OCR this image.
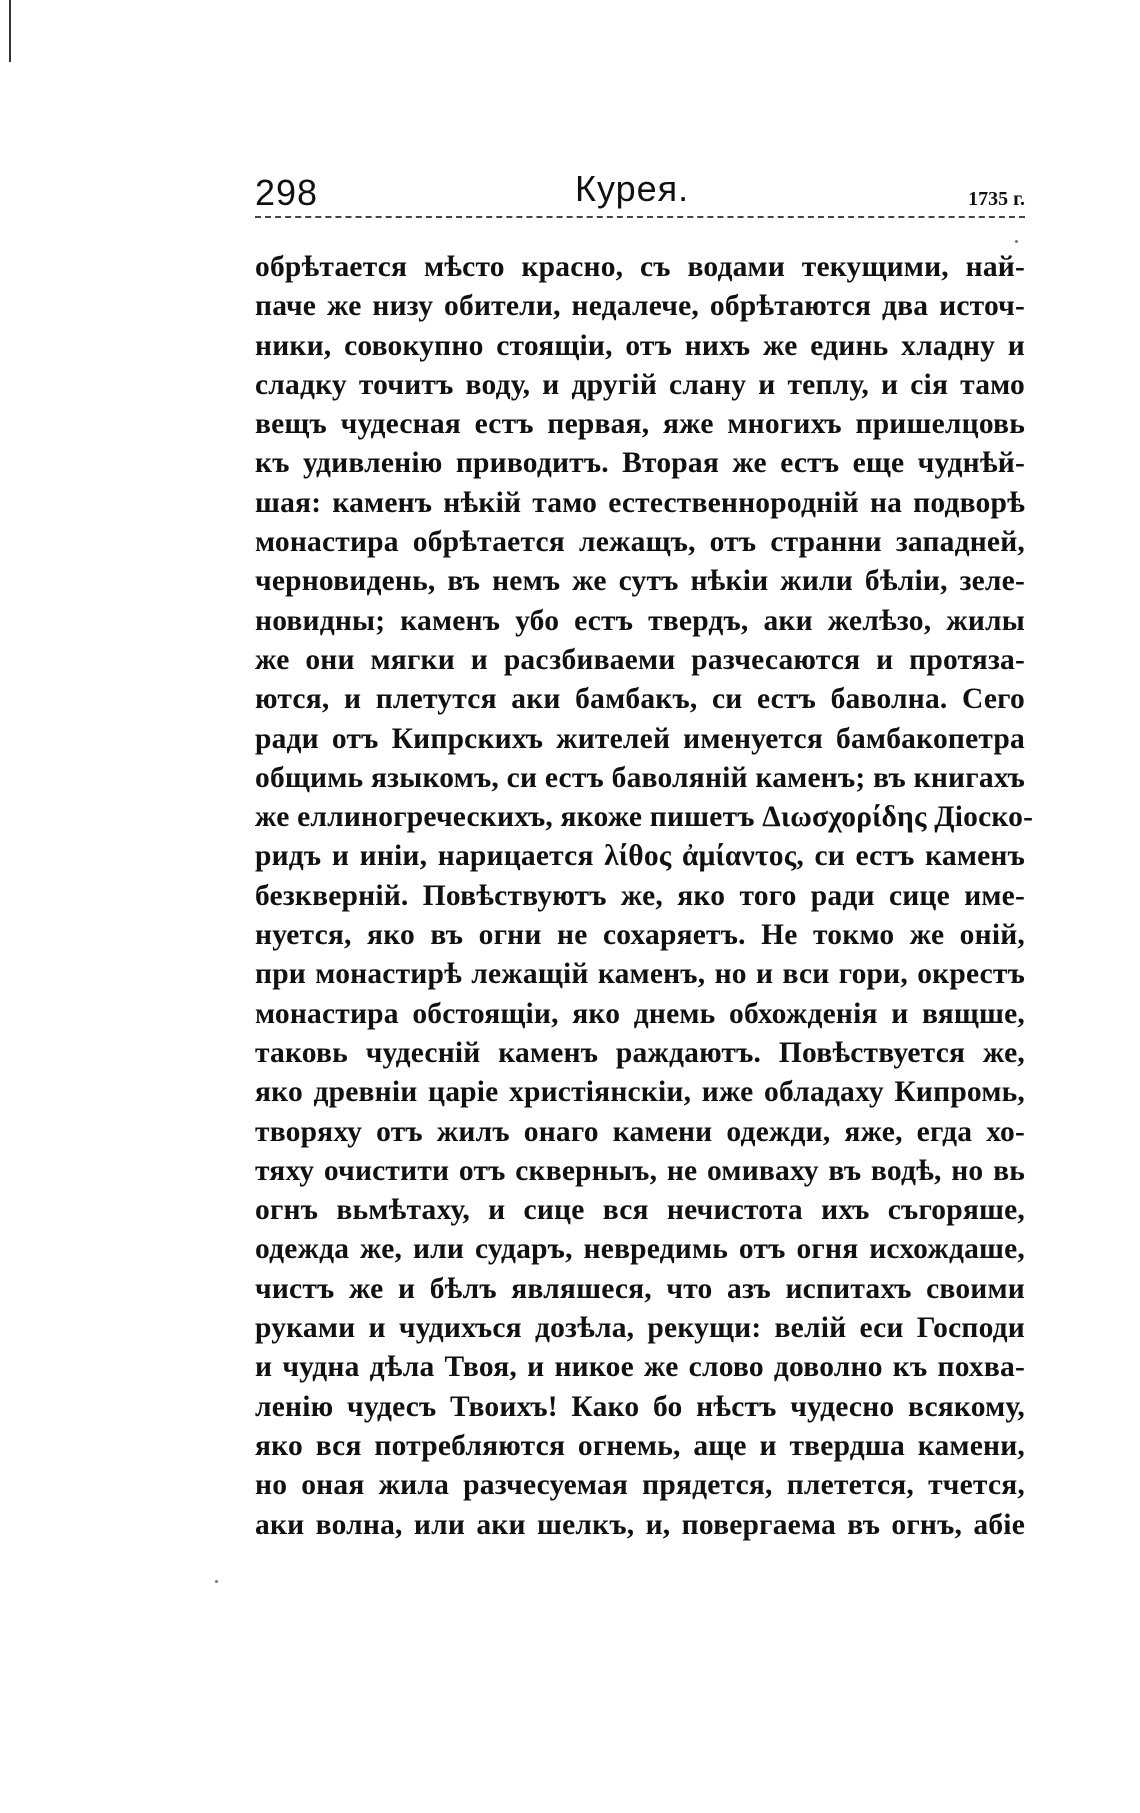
298	Курея.	1735 г.
обрѣтается мѣсто красно, съ водами текущими, най-
паче же низу обители, недалече, обрѣтаются два источ-
ники, совокупно стоящіи, отъ нихъ же единь хладну и
сладку точитъ воду, и другій слану и теплу, и сія тамо
вещъ чудесная естъ первая, яже многихъ пришелцовь
къ удивленію приводитъ. Вторая же естъ еще чуднѣй-
шая: каменъ нѣкій тамо естественнородній на подворѣ
монастира обрѣтается лежащъ, отъ странни западней,
черновидень, въ немъ же сутъ нѣкіи жили бѣліи, зеле-
новидны; каменъ убо естъ твердъ, аки желѣзо, жилы
же они мягки и расзбиваеми разчесаются и протяза-
ются, и плетутся аки бамбакъ, си естъ баволна. Сего
ради отъ Кипрскихъ жителей именуется бамбакопетра
общимь языкомъ, си естъ баволяній каменъ; въ книгахъ
же еллиногреческихъ, якоже пишетъ Διωσχορίδης Діоско-
ридъ и иніи, нарицается λίθος ἀμίαντος, си естъ каменъ
безкверній. Повѣствуютъ же, яко того ради сице име-
нуется, яко въ огни не сохаряетъ. Не токмо же оній,
при монастирѣ лежащій каменъ, но и вси гори, окрестъ
монастира обстоящіи, яко днемь обхожденія и вящше,
таковь чудесній каменъ раждаютъ. Повѣствуется же,
яко древніи царіе христіянскіи, иже обладаху Кипромь,
творяху отъ жилъ онаго камени одежди, яже, егда хо-
тяху очистити отъ скверныъ, не омиваху въ водѣ, но вь
огнъ вьмѣтаху, и сице вся нечистота ихъ съгоряше,
одежда же, или сударъ, невредимь отъ огня исхождаше,
чистъ же и бѣлъ являшеся, что азъ испитахъ своими
руками и чудихъся дозѣла, рекущи: велій еси Господи
и чудна дѣла Твоя, и никое же слово доволно къ похва-
ленію чудесъ Твоихъ! Како бо нѣстъ чудесно всякому,
яко вся потребляются огнемь, аще и твердша камени,
но оная жила разчесуемая прядется, плетется, тчется,
аки волна, или аки шелкъ, и, повергаема въ огнъ, абіе
